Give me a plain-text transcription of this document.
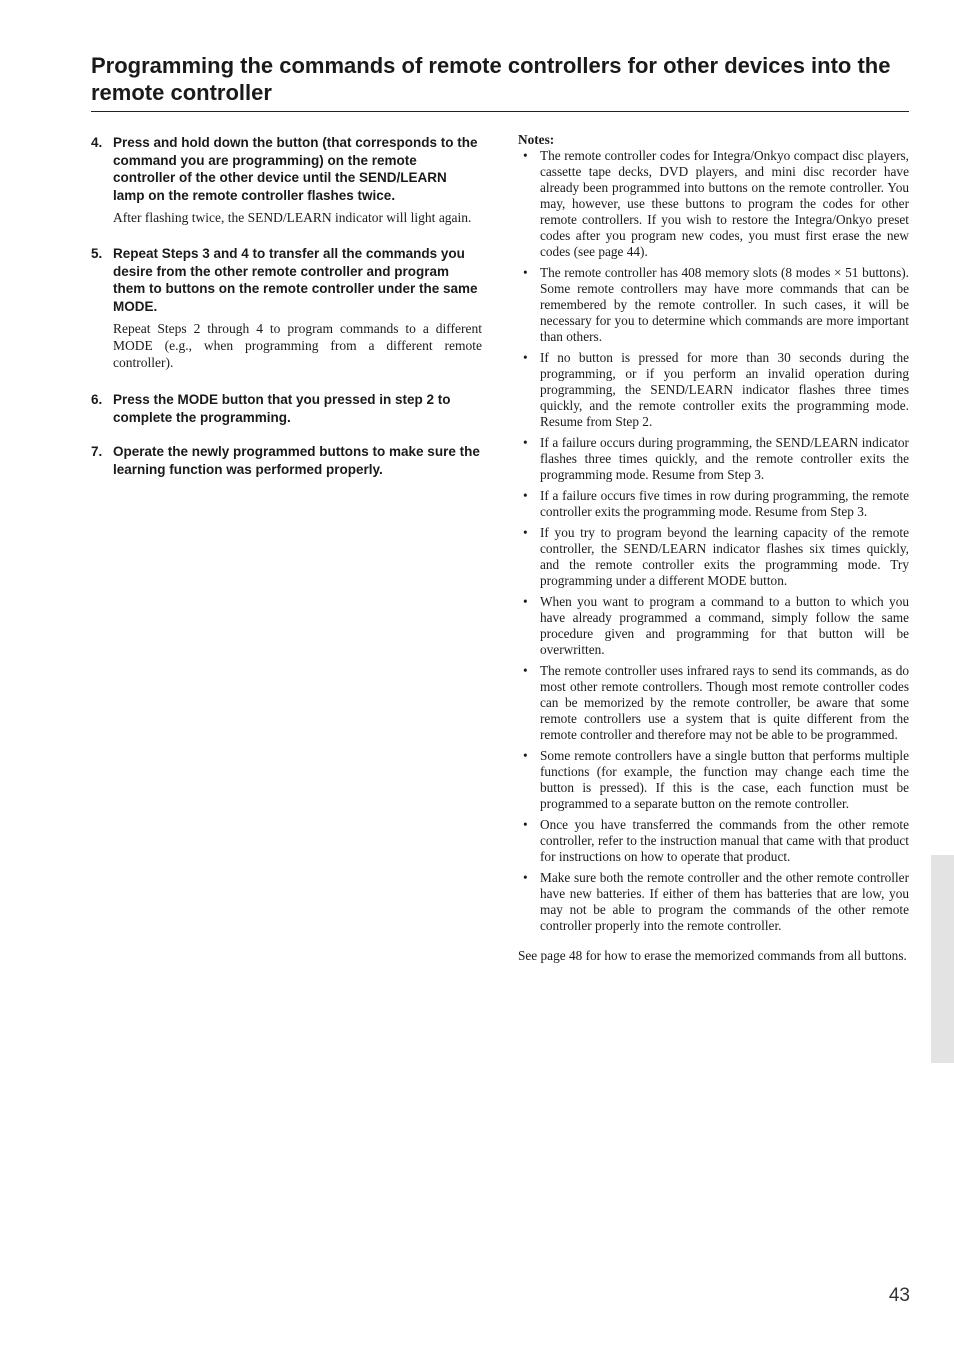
Programming the commands of remote controllers for other devices into the remote controller
4. Press and hold down the button (that corresponds to the command you are programming) on the remote controller of the other device until the SEND/LEARN lamp on the remote controller flashes twice.

After flashing twice, the SEND/LEARN indicator will light again.

5. Repeat Steps 3 and 4 to transfer all the commands you desire from the other remote controller and program them to buttons on the remote controller under the same MODE.

Repeat Steps 2 through 4 to program commands to a different MODE (e.g., when programming from a different remote controller).

6. Press the MODE button that you pressed in step 2 to complete the programming.

7. Operate the newly programmed buttons to make sure the learning function was performed properly.

Notes:

• The remote controller codes for Integra/Onkyo compact disc players, cassette tape decks, DVD players, and mini disc recorder have already been programmed into buttons on the remote controller. You may, however, use these buttons to program the codes for other remote controllers. If you wish to restore the Integra/Onkyo preset codes after you program new codes, you must first erase the new codes (see page 44).
• The remote controller has 408 memory slots (8 modes × 51 buttons). Some remote controllers may have more commands that can be remembered by the remote controller. In such cases, it will be necessary for you to determine which commands are more important than others.
• If no button is pressed for more than 30 seconds during the programming, or if you perform an invalid operation during programming, the SEND/LEARN indicator flashes three times quickly, and the remote controller exits the programming mode. Resume from Step 2.
• If a failure occurs during programming, the SEND/LEARN indicator flashes three times quickly, and the remote controller exits the programming mode. Resume from Step 3.
• If a failure occurs five times in row during programming, the remote controller exits the programming mode. Resume from Step 3.
• If you try to program beyond the learning capacity of the remote controller, the SEND/LEARN indicator flashes six times quickly, and the remote controller exits the programming mode. Try programming under a different MODE button.
• When you want to program a command to a button to which you have already programmed a command, simply follow the same procedure given and programming for that button will be overwritten.
• The remote controller uses infrared rays to send its commands, as do most other remote controllers. Though most remote controller codes can be memorized by the remote controller, be aware that some remote controllers use a system that is quite different from the remote controller and therefore may not be able to be programmed.
• Some remote controllers have a single button that performs multiple functions (for example, the function may change each time the button is pressed). If this is the case, each function must be programmed to a separate button on the remote controller.
• Once you have transferred the commands from the other remote controller, refer to the instruction manual that came with that product for instructions on how to operate that product.
• Make sure both the remote controller and the other remote controller have new batteries. If either of them has batteries that are low, you may not be able to program the commands of the other remote controller properly into the remote controller.

See page 48 for how to erase the memorized commands from all buttons.

43
